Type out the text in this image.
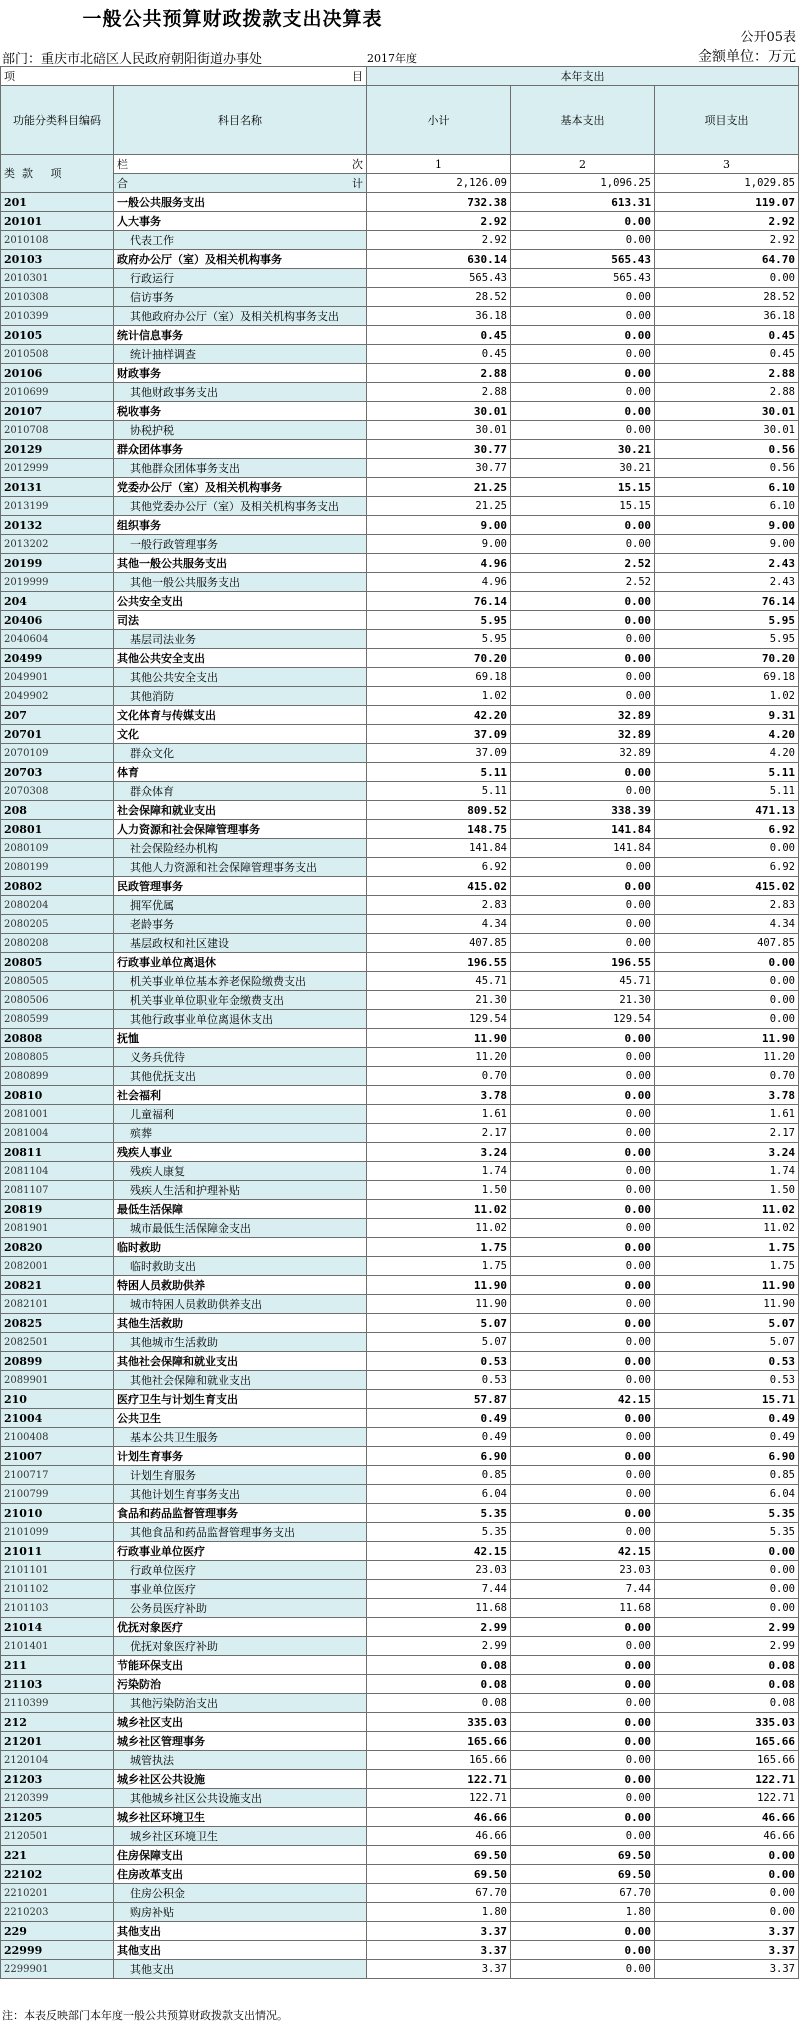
一般公共预算财政拨款支出决算表
公开05表
部门：重庆市北碚区人民政府朝阳街道办事处	2017年度	金额单位：万元
项 目		本年支出		
功能分类科目编码	科目名称	小计	基本支出	项目支出
类 款 项	栏 次	1	2	3
	合 计	2,126.09	1,096.25	1,029.85
201	一般公共服务支出	732.38	613.31	119.07
20101	人大事务	2.92	0.00	2.92
2010108	代表工作	2.92	0.00	2.92
20103	政府办公厅（室）及相关机构事务	630.14	565.43	64.70
2010301	行政运行	565.43	565.43	0.00
2010308	信访事务	28.52	0.00	28.52
2010399	其他政府办公厅（室）及相关机构事务支出	36.18	0.00	36.18
20105	统计信息事务	0.45	0.00	0.45
2010508	统计抽样调查	0.45	0.00	0.45
20106	财政事务	2.88	0.00	2.88
2010699	其他财政事务支出	2.88	0.00	2.88
20107	税收事务	30.01	0.00	30.01
2010708	协税护税	30.01	0.00	30.01
20129	群众团体事务	30.77	30.21	0.56
2012999	其他群众团体事务支出	30.77	30.21	0.56
20131	党委办公厅（室）及相关机构事务	21.25	15.15	6.10
2013199	其他党委办公厅（室）及相关机构事务支出	21.25	15.15	6.10
20132	组织事务	9.00	0.00	9.00
2013202	一般行政管理事务	9.00	0.00	9.00
20199	其他一般公共服务支出	4.96	2.52	2.43
2019999	其他一般公共服务支出	4.96	2.52	2.43
204	公共安全支出	76.14	0.00	76.14
20406	司法	5.95	0.00	5.95
2040604	基层司法业务	5.95	0.00	5.95
20499	其他公共安全支出	70.20	0.00	70.20
2049901	其他公共安全支出	69.18	0.00	69.18
2049902	其他消防	1.02	0.00	1.02
207	文化体育与传媒支出	42.20	32.89	9.31
20701	文化	37.09	32.89	4.20
2070109	群众文化	37.09	32.89	4.20
20703	体育	5.11	0.00	5.11
2070308	群众体育	5.11	0.00	5.11
208	社会保障和就业支出	809.52	338.39	471.13
20801	人力资源和社会保障管理事务	148.75	141.84	6.92
2080109	社会保险经办机构	141.84	141.84	0.00
2080199	其他人力资源和社会保障管理事务支出	6.92	0.00	6.92
20802	民政管理事务	415.02	0.00	415.02
2080204	拥军优属	2.83	0.00	2.83
2080205	老龄事务	4.34	0.00	4.34
2080208	基层政权和社区建设	407.85	0.00	407.85
20805	行政事业单位离退休	196.55	196.55	0.00
2080505	机关事业单位基本养老保险缴费支出	45.71	45.71	0.00
2080506	机关事业单位职业年金缴费支出	21.30	21.30	0.00
2080599	其他行政事业单位离退休支出	129.54	129.54	0.00
20808	抚恤	11.90	0.00	11.90
2080805	义务兵优待	11.20	0.00	11.20
2080899	其他优抚支出	0.70	0.00	0.70
20810	社会福利	3.78	0.00	3.78
2081001	儿童福利	1.61	0.00	1.61
2081004	殡葬	2.17	0.00	2.17
20811	残疾人事业	3.24	0.00	3.24
2081104	残疾人康复	1.74	0.00	1.74
2081107	残疾人生活和护理补贴	1.50	0.00	1.50
20819	最低生活保障	11.02	0.00	11.02
2081901	城市最低生活保障金支出	11.02	0.00	11.02
20820	临时救助	1.75	0.00	1.75
2082001	临时救助支出	1.75	0.00	1.75
20821	特困人员救助供养	11.90	0.00	11.90
2082101	城市特困人员救助供养支出	11.90	0.00	11.90
20825	其他生活救助	5.07	0.00	5.07
2082501	其他城市生活救助	5.07	0.00	5.07
20899	其他社会保障和就业支出	0.53	0.00	0.53
2089901	其他社会保障和就业支出	0.53	0.00	0.53
210	医疗卫生与计划生育支出	57.87	42.15	15.71
21004	公共卫生	0.49	0.00	0.49
2100408	基本公共卫生服务	0.49	0.00	0.49
21007	计划生育事务	6.90	0.00	6.90
2100717	计划生育服务	0.85	0.00	0.85
2100799	其他计划生育事务支出	6.04	0.00	6.04
21010	食品和药品监督管理事务	5.35	0.00	5.35
2101099	其他食品和药品监督管理事务支出	5.35	0.00	5.35
21011	行政事业单位医疗	42.15	42.15	0.00
2101101	行政单位医疗	23.03	23.03	0.00
2101102	事业单位医疗	7.44	7.44	0.00
2101103	公务员医疗补助	11.68	11.68	0.00
21014	优抚对象医疗	2.99	0.00	2.99
2101401	优抚对象医疗补助	2.99	0.00	2.99
211	节能环保支出	0.08	0.00	0.08
21103	污染防治	0.08	0.00	0.08
2110399	其他污染防治支出	0.08	0.00	0.08
212	城乡社区支出	335.03	0.00	335.03
21201	城乡社区管理事务	165.66	0.00	165.66
2120104	城管执法	165.66	0.00	165.66
21203	城乡社区公共设施	122.71	0.00	122.71
2120399	其他城乡社区公共设施支出	122.71	0.00	122.71
21205	城乡社区环境卫生	46.66	0.00	46.66
2120501	城乡社区环境卫生	46.66	0.00	46.66
221	住房保障支出	69.50	69.50	0.00
22102	住房改革支出	69.50	69.50	0.00
2210201	住房公积金	67.70	67.70	0.00
2210203	购房补贴	1.80	1.80	0.00
229	其他支出	3.37	0.00	3.37
22999	其他支出	3.37	0.00	3.37
2299901	其他支出	3.37	0.00	3.37
注：本表反映部门本年度一般公共预算财政拨款支出情况。
